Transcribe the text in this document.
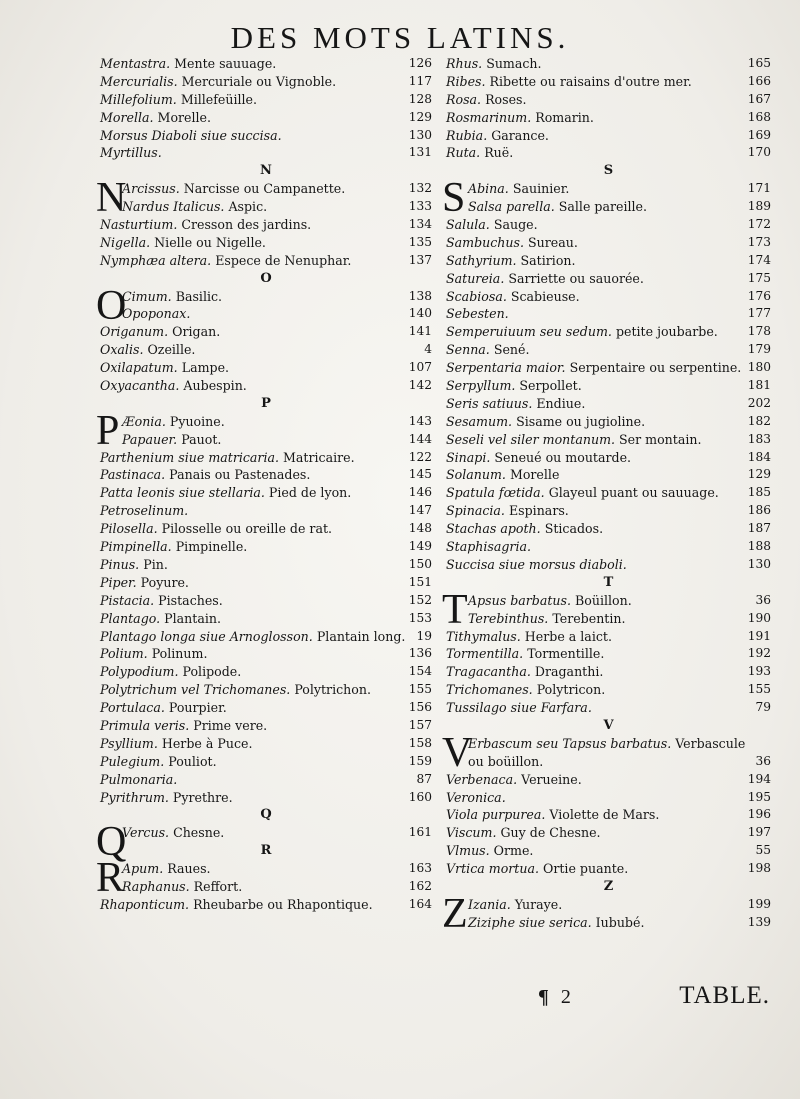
DES MOTS LATINS.
Mentastra. Mente sauuage.	126
Mercurialis. Mercuriale ou Vignoble.	117
Millefolium. Millefeüille.	128
Morella. Morelle.	129
Morsus Diaboli siue succisa.	130
Myrtillus.	131
N
N
Arcissus. Narcisse ou Campanette.	132
Nardus Italicus. Aspic.	133
Nasturtium. Cresson des jardins.	134
Nigella. Nielle ou Nigelle.	135
Nymphæa altera. Espece de Nenuphar.	137
O
O
Cimum. Basilic.	138
Opoponax.	140
Origanum. Origan.	141
Oxalis. Ozeille.	4
Oxilapatum. Lampe.	107
Oxyacantha. Aubespin.	142
P
P Æonia. Pyuoine.	143
Papauer. Pauot.	144
Parthenium siue matricaria. Matricaire.	122
Pastinaca. Panais ou Pastenades.	145
Patta leonis siue stellaria. Pied de lyon.	146
Petroselinum.	147
Pilosella. Pilosselle ou oreille de rat.	148
Pimpinella. Pimpinelle.	149
Pinus. Pin.	150
Piper. Poyure.	151
Pistacia. Pistaches.	152
Plantago. Plantain.	153
Plantago longa siue Arnoglosson. Plantain long. 19
Polium. Polinum.	136
Polypodium. Polipode.	154
Polytrichum vel Trichomanes. Polytrichon.	155
Portulaca. Pourpier.	156
Primula veris. Prime vere.	157
Psyllium. Herbe à Puce.	158
Pulegium. Pouliot.	159
Pulmonaria.	87
Pyrithrum. Pyrethre.	160
Q
Q
Vercus. Chesne.	161
R
R
Apum. Raues.	163
Raphanus. Reffort.	162
Rhaponticum. Rheubarbe ou Rhapontique.	164
Rhus. Sumach.	165
Ribes. Ribette ou raisains d'outre mer.	166
Rosa. Roses.	167
Rosmarinum. Romarin.	168
Rubia. Garance.	169
Ruta. Ruë.	170
S
S Abina. Sauinier.	171
Salsa parella. Salle pareille.	189
Salula. Sauge.	172
Sambuchus. Sureau.	173
Sathyrium. Satirion.	174
Satureia. Sarriette ou sauorée.	175
Scabiosa. Scabieuse.	176
Sebesten.	177
Semperuiuum seu sedum. petite joubarbe. 178
Senna. Sené.	179
Serpentaria maior. Serpentaire ou serpentine. 180
Serpyllum. Serpollet.	181
Seris satiuus. Endiue.	202
Sesamum. Sisame ou jugioline.	182
Seseli vel siler montanum. Ser montain.	183
Sinapi. Seneué ou moutarde.	184
Solanum. Morelle	129
Spatula fœtida. Glayeul puant ou sauuage. 185
Spinacia. Espinars.	186
Stachas apoth. Sticados.	187
Staphisagria.	188
Succisa siue morsus diaboli.	130
T
T Apsus barbatus. Boüillon.	36
Terebinthus. Terebentin.	190
Tithymalus. Herbe a laict.	191
Tormentilla. Tormentille.	192
Tragacantha. Draganthi.	193
Trichomanes. Polytricon.	155
Tussilago siue Farfara.	79
V
V
Erbascum seu Tapsus barbatus. Verbascule
ou boüillon.	36
Verbenaca. Verueine.	194
Veronica.	195
Viola purpurea. Violette de Mars.	196
Viscum. Guy de Chesne.	197
Vlmus. Orme.	55
Vrtica mortua. Ortie puante.	198
Z
Z Izania. Yuraye.	199
Ziziphe siue serica. Iububé.	139
¶ 2	TABLE.
